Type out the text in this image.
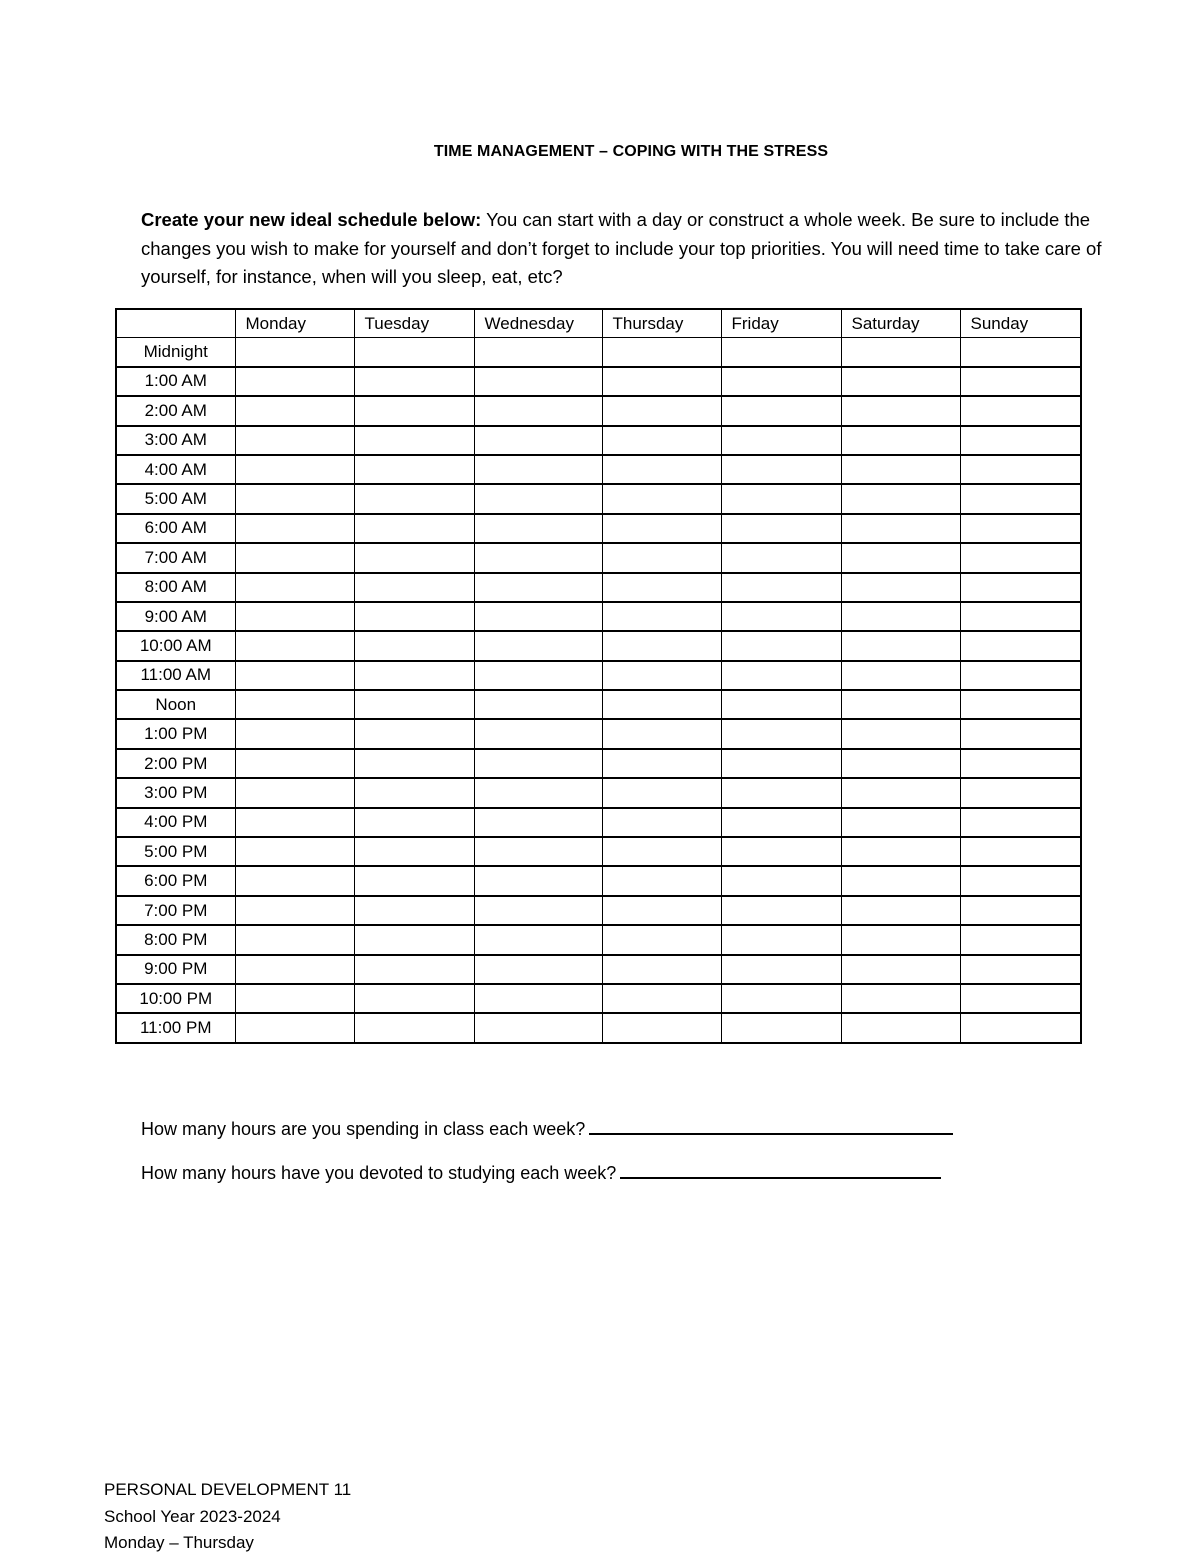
TIME MANAGEMENT – COPING WITH THE STRESS
Create your new ideal schedule below: You can start with a day or construct a whole week. Be sure to include the changes you wish to make for yourself and don’t forget to include your top priorities. You will need time to take care of yourself, for instance, when will you sleep, eat, etc?
	Monday	Tuesday	Wednesday	Thursday	Friday	Saturday	Sunday
Midnight							
1:00 AM							
2:00 AM							
3:00 AM							
4:00 AM							
5:00 AM							
6:00 AM							
7:00 AM							
8:00 AM							
9:00 AM							
10:00 AM							
11:00 AM							
Noon							
1:00 PM							
2:00 PM							
3:00 PM							
4:00 PM							
5:00 PM							
6:00 PM							
7:00 PM							
8:00 PM							
9:00 PM							
10:00 PM							
11:00 PM							
How many hours are you spending in class each week?
How many hours have you devoted to studying each week?
PERSONAL DEVELOPMENT 11
School Year 2023-2024
Monday – Thursday
